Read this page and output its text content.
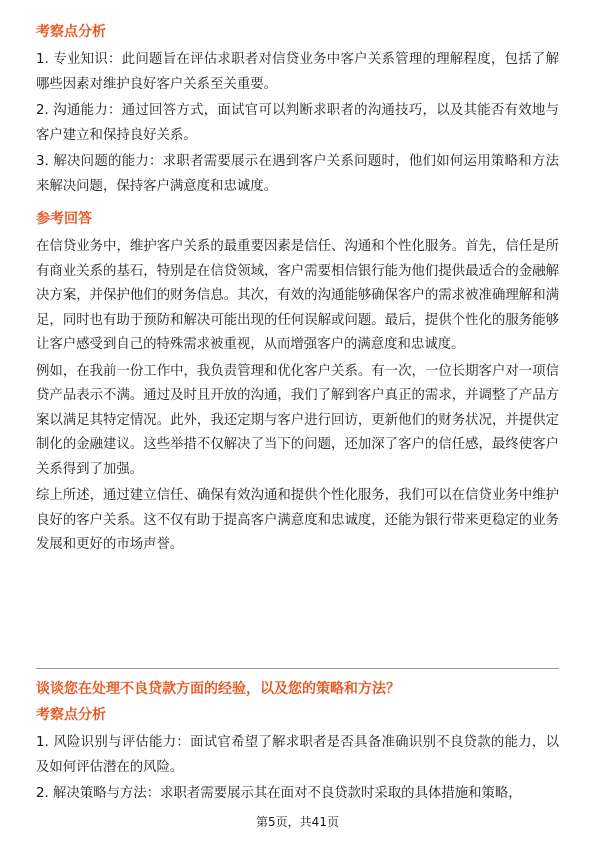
考察点分析
1. 专业知识：此问题旨在评估求职者对信贷业务中客户关系管理的理解程度，包括了解哪些因素对维护良好客户关系至关重要。
2. 沟通能力：通过回答方式，面试官可以判断求职者的沟通技巧，以及其能否有效地与客户建立和保持良好关系。
3. 解决问题的能力：求职者需要展示在遇到客户关系问题时，他们如何运用策略和方法来解决问题，保持客户满意度和忠诚度。
参考回答
在信贷业务中，维护客户关系的最重要因素是信任、沟通和个性化服务。首先，信任是所有商业关系的基石，特别是在信贷领域，客户需要相信银行能为他们提供最适合的金融解决方案，并保护他们的财务信息。其次，有效的沟通能够确保客户的需求被准确理解和满足，同时也有助于预防和解决可能出现的任何误解或问题。最后，提供个性化的服务能够让客户感受到自己的特殊需求被重视，从而增强客户的满意度和忠诚度。
例如，在我前一份工作中，我负责管理和优化客户关系。有一次，一位长期客户对一项信贷产品表示不满。通过及时且开放的沟通，我们了解到客户真正的需求，并调整了产品方案以满足其特定情况。此外，我还定期与客户进行回访，更新他们的财务状况，并提供定制化的金融建议。这些举措不仅解决了当下的问题，还加深了客户的信任感，最终使客户关系得到了加强。
综上所述，通过建立信任、确保有效沟通和提供个性化服务，我们可以在信贷业务中维护良好的客户关系。这不仅有助于提高客户满意度和忠诚度，还能为银行带来更稳定的业务发展和更好的市场声誉。
谈谈您在处理不良贷款方面的经验，以及您的策略和方法？
考察点分析
1. 风险识别与评估能力：面试官希望了解求职者是否具备准确识别不良贷款的能力，以及如何评估潜在的风险。
2. 解决策略与方法：求职者需要展示其在面对不良贷款时采取的具体措施和策略，
第5页，共41页
